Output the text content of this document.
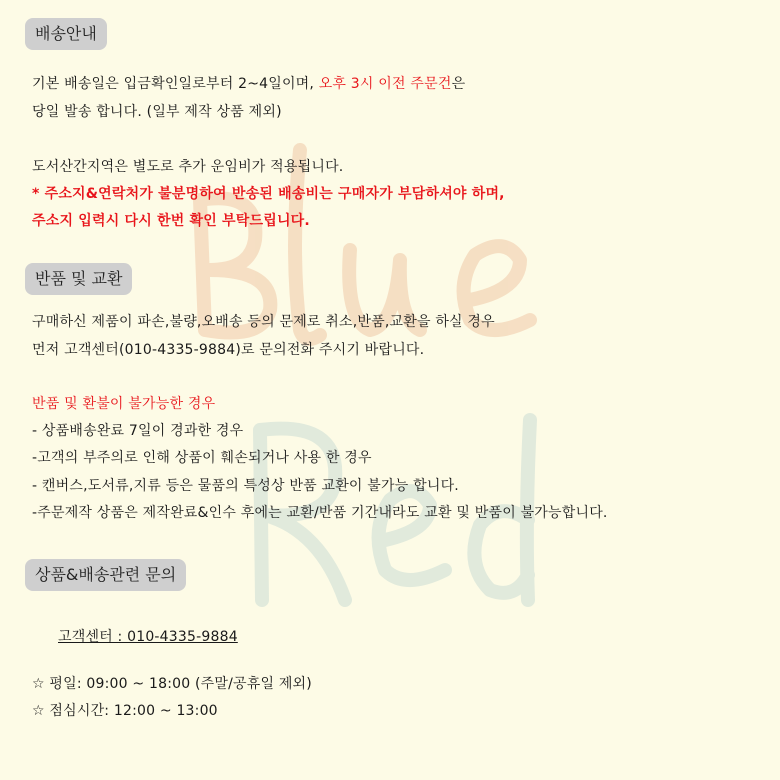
배송안내
기본 배송일은 입금확인일로부터 2~4일이며, 오후 3시 이전 주문건은
당일 발송 합니다. (일부 제작 상품 제외)
도서산간지역은 별도로 추가 운임비가 적용됩니다.
* 주소지&연락처가 불분명하여 반송된 배송비는 구매자가 부담하셔야 하며,
주소지 입력시 다시 한번 확인 부탁드립니다.
반품 및 교환
구매하신 제품이 파손,불량,오배송 등의 문제로 취소,반품,교환을 하실 경우
먼저 고객센터(010-4335-9884)로 문의전화 주시기 바랍니다.
반품 및 환불이 불가능한 경우
- 상품배송완료 7일이 경과한 경우
-고객의 부주의로 인해 상품이 훼손되거나 사용 한 경우
- 캔버스,도서류,지류 등은 물품의 특성상 반품 교환이 불가능 합니다.
-주문제작 상품은 제작완료&인수 후에는 교환/반품 기간내라도 교환 및 반품이 불가능합니다.
상품&배송관련 문의
고객센터 : 010-4335-9884
☆ 평일: 09:00 ~ 18:00 (주말/공휴일 제외)
☆ 점심시간: 12:00 ~ 13:00
